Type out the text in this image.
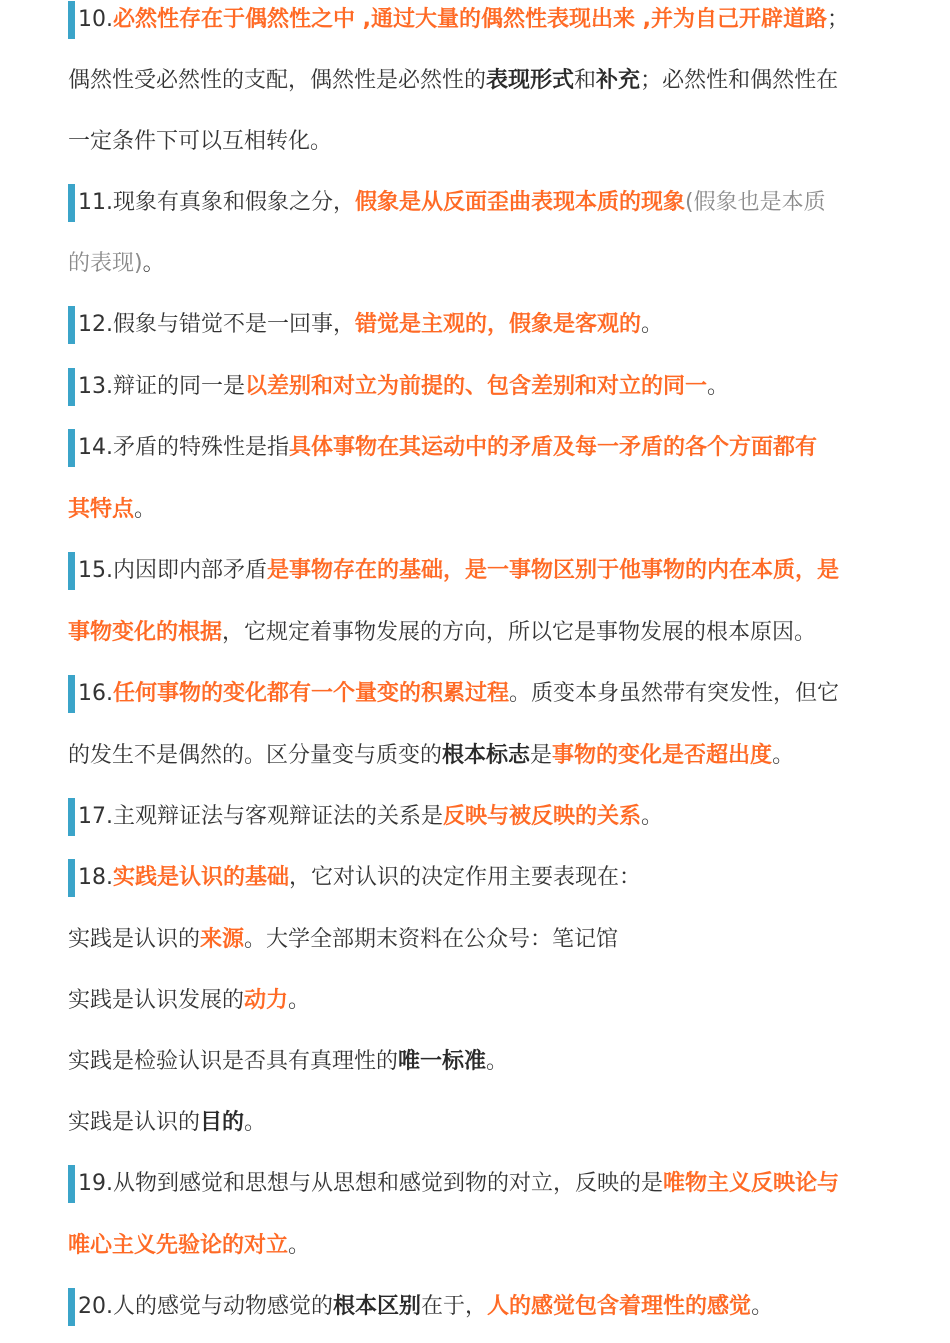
10.必然性存在于偶然性之中 ,通过大量的偶然性表现出来 ,并为自己开辟道路；
偶然性受必然性的支配，偶然性是必然性的表现形式和补充；必然性和偶然性在
一定条件下可以互相转化。
11.现象有真象和假象之分，假象是从反面歪曲表现本质的现象(假象也是本质
的表现)。
12.假象与错觉不是一回事，错觉是主观的，假象是客观的。
13.辩证的同一是以差别和对立为前提的、包含差别和对立的同一。
14.矛盾的特殊性是指具体事物在其运动中的矛盾及每一矛盾的各个方面都有
其特点。
15.内因即内部矛盾是事物存在的基础，是一事物区别于他事物的内在本质，是
事物变化的根据，它规定着事物发展的方向，所以它是事物发展的根本原因。
16.任何事物的变化都有一个量变的积累过程。质变本身虽然带有突发性，但它
的发生不是偶然的。区分量变与质变的根本标志是事物的变化是否超出度。
17.主观辩证法与客观辩证法的关系是反映与被反映的关系。
18.实践是认识的基础，它对认识的决定作用主要表现在：
实践是认识的来源。大学全部期末资料在公众号：笔记馆
实践是认识发展的动力。
实践是检验认识是否具有真理性的唯一标准。
实践是认识的目的。
19.从物到感觉和思想与从思想和感觉到物的对立，反映的是唯物主义反映论与
唯心主义先验论的对立。
20.人的感觉与动物感觉的根本区别在于，人的感觉包含着理性的感觉。
